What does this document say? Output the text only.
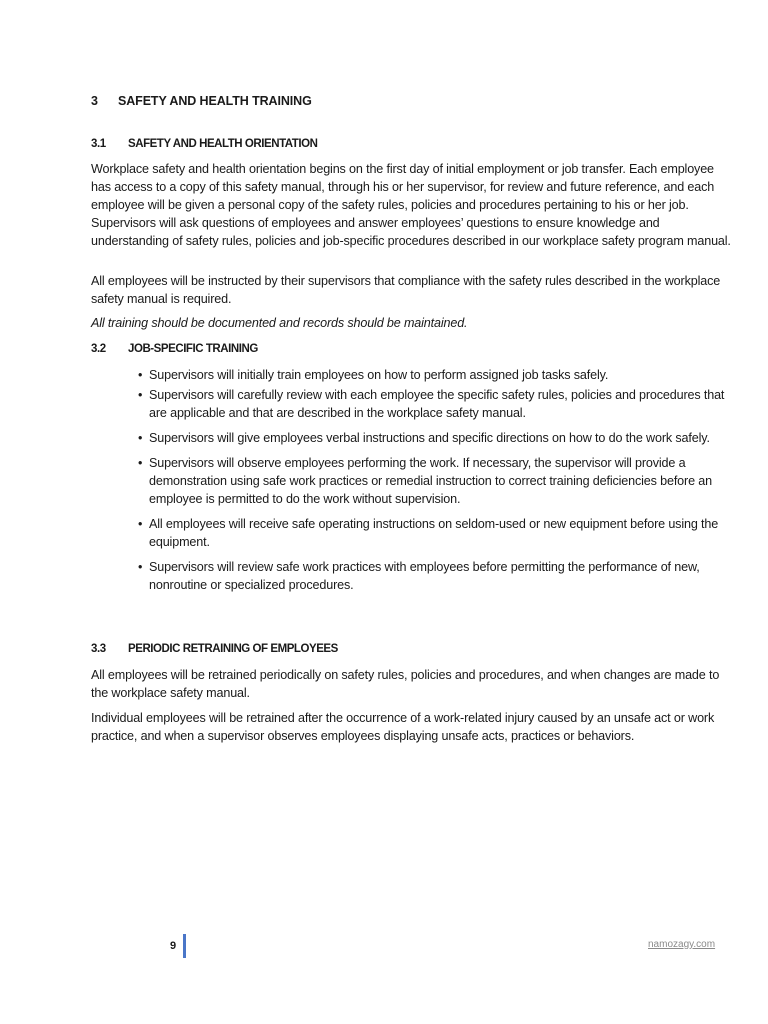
3 SAFETY AND HEALTH TRAINING
3.1 SAFETY AND HEALTH ORIENTATION

Workplace safety and health orientation begins on the first day of initial employment or job transfer. Each employee has access to a copy of this safety manual, through his or her supervisor, for review and future reference, and each employee will be given a personal copy of the safety rules, policies and procedures pertaining to his or her job. Supervisors will ask questions of employees and answer employees’ questions to ensure knowledge and understanding of safety rules, policies and job-specific procedures described in our workplace safety program manual.

All employees will be instructed by their supervisors that compliance with the safety rules described in the workplace safety manual is required.

All training should be documented and records should be maintained.

3.2 JOB-SPECIFIC TRAINING
• Supervisors will initially train employees on how to perform assigned job tasks safely.
• Supervisors will carefully review with each employee the specific safety rules, policies and procedures that are applicable and that are described in the workplace safety manual.
• Supervisors will give employees verbal instructions and specific directions on how to do the work safely.
• Supervisors will observe employees performing the work. If necessary, the supervisor will provide a demonstration using safe work practices or remedial instruction to correct training deficiencies before an employee is permitted to do the work without supervision.
• All employees will receive safe operating instructions on seldom-used or new equipment before using the equipment.
• Supervisors will review safe work practices with employees before permitting the performance of new, nonroutine or specialized procedures.
3.3 PERIODIC RETRAINING OF EMPLOYEES

All employees will be retrained periodically on safety rules, policies and procedures, and when changes are made to the workplace safety manual.

Individual employees will be retrained after the occurrence of a work-related injury caused by an unsafe act or work practice, and when a supervisor observes employees displaying unsafe acts, practices or behaviors.

9	namozagy.com
